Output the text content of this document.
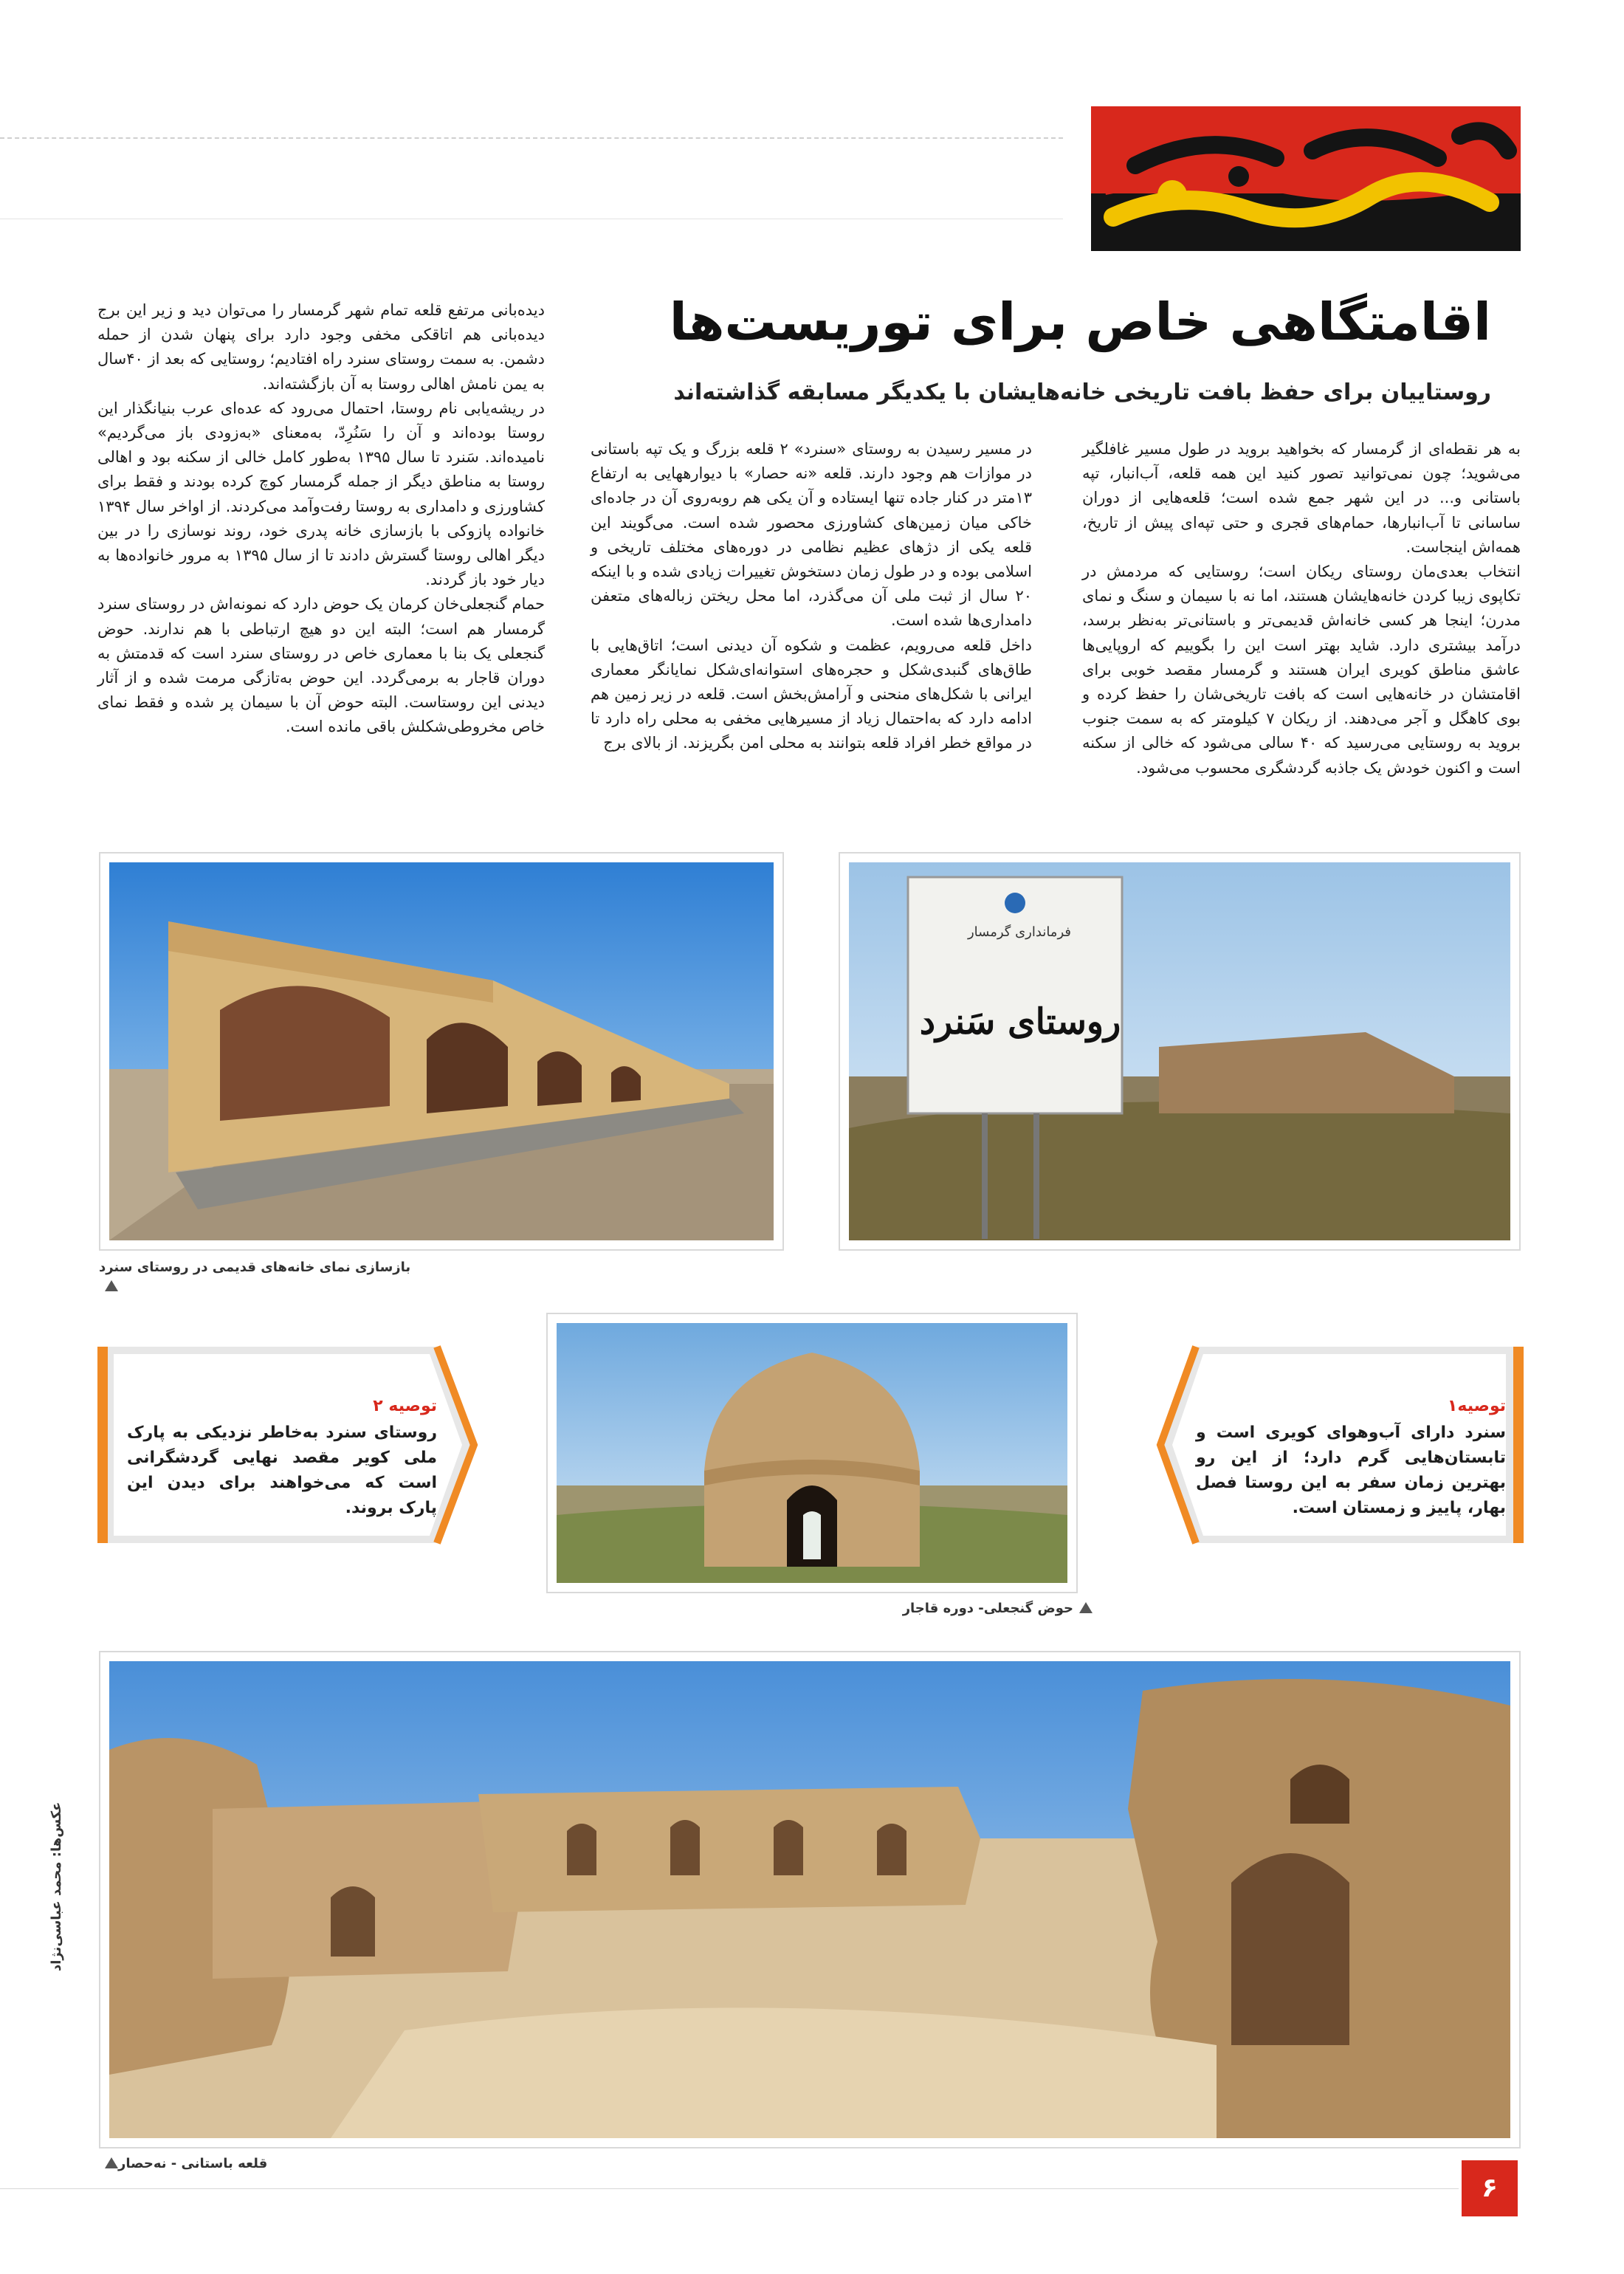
اقامتگاهی خاص برای توریست‌ها
روستاییان برای حفظ بافت تاریخی خانه‌هایشان با یکدیگر مسابقه گذاشته‌اند

به هر نقطه‌ای از گرمسار که بخواهید بروید در طول مسیر غافلگیر می‌شوید؛ چون نمی‌توانید تصور کنید این همه قلعه، آب‌انبار، تپه باستانی و... در این شهر جمع شده است؛ قلعه‌هایی از دوران ساسانی تا آب‌انبارها، حمام‌های قجری و حتی تپه‌ای پیش از تاریخ، همه‌اش اینجاست.

انتخاب بعدی‌مان روستای ریکان است؛ روستایی که مردمش در تکاپوی زیبا کردن خانه‌هایشان هستند، اما نه با سیمان و سنگ و نمای مدرن؛ اینجا هر کسی خانه‌اش قدیمی‌تر و باستانی‌تر به‌نظر برسد، درآمد بیشتری دارد. شاید بهتر است این را بگوییم که اروپایی‌ها عاشق مناطق کویری ایران هستند و گرمسار مقصد خوبی برای اقامتشان در خانه‌هایی است که بافت تاریخی‌شان را حفظ کرده و بوی کاهگل و آجر می‌دهند. از ریکان ۷ کیلومتر که به سمت جنوب بروید به روستایی می‌رسید که ۴۰ سالی می‌شود که خالی از سکنه است و اکنون خودش یک جاذبه گردشگری محسوب می‌شود.

در مسیر رسیدن به روستای «سنرد» ۲ قلعه بزرگ و یک تپه باستانی در موازات هم وجود دارند. قلعه «نه حصار» با دیوارههایی به ارتفاع ۱۳متر در کنار جاده تنها ایستاده و آن یکی هم روبه‌روی آن در جاده‌ای خاکی میان زمین‌های کشاورزی محصور شده است. می‌گویند این قلعه یکی از دژهای عظیم نظامی در دوره‌های مختلف تاریخی و اسلامی بوده و در طول زمان دستخوش تغییرات زیادی شده و با اینکه ۲۰ سال از ثبت ملی آن می‌گذرد، اما محل ریختن زباله‌های متعفن دامداری‌ها شده است.

داخل قلعه می‌رویم، عظمت و شکوه آن دیدنی است؛ اتاق‌هایی با طاق‌های گنبدی‌شکل و حجره‌های استوانه‌ای‌شکل نمایانگر معماری ایرانی با شکل‌های منحنی و آرامش‌بخش است. قلعه در زیر زمین هم ادامه دارد که به‌احتمال زیاد از مسیرهایی مخفی به محلی راه دارد تا در مواقع خطر افراد قلعه بتوانند به محلی امن بگریزند. از بالای برج

دیده‌بانی مرتفع قلعه تمام شهر گرمسار را می‌توان دید و زیر این برج دیده‌بانی هم اتاقکی مخفی وجود دارد برای پنهان شدن از حمله دشمن. به سمت روستای سنرد راه افتادیم؛ روستایی که بعد از ۴۰سال به یمن نامش اهالی روستا به آن بازگشته‌اند.

در ریشه‌یابی نام روستا، احتمال می‌رود که عده‌ای عرب بنیانگذار این روستا بوده‌اند و آن را سَنُرِدّ، به‌معنای «به‌زودی باز می‌گردیم» نامیده‌اند. سَنرد تا سال ۱۳۹۵ به‌طور کامل خالی از سکنه بود و اهالی روستا به مناطق دیگر از جمله گرمسار کوچ کرده بودند و فقط برای کشاورزی و دامداری به روستا رفت‌وآمد می‌کردند. از اواخر سال ۱۳۹۴ خانواده پازوکی با بازسازی خانه پدری خود، روند نوسازی را در بین دیگر اهالی روستا گسترش دادند تا از سال ۱۳۹۵ به مرور خانواده‌ها به دیار خود باز گردند.

حمام گنجعلی‌خان کرمان یک حوض دارد که نمونه‌اش در روستای سنرد گرمسار هم است؛ البته این دو هیچ ارتباطی با هم ندارند. حوض گنجعلی یک بنا با معماری خاص در روستای سنرد است که قدمتش به دوران قاجار به برمی‌گردد. این حوض به‌تازگی مرمت شده و از آثار دیدنی این روستاست. البته حوض آن با سیمان پر شده و فقط نمای خاص مخروطی‌شکلش باقی مانده است.

بازسازی نمای خانه‌های قدیمی در روستای سنرد
فرمانداری گرمسار
روستای سَنرد
توصیه۱
سنرد دارای آب‌وهوای کویری است و تابستان‌هایی گرم دارد؛ از این رو بهترین زمان سفر به این روستا فصل بهار، پاییز و زمستان است.
توصیه ۲
روستای سنرد به‌خاطر نزدیکی به پارک ملی کویر مقصد نهایی گردشگرانی است که می‌خواهند برای دیدن این پارک بروند.
حوض گنجعلی- دوره قاجار
قلعه باستانی - نه‌حصار
عکس‌ها: محمد عباسی‌نژاد
۶
